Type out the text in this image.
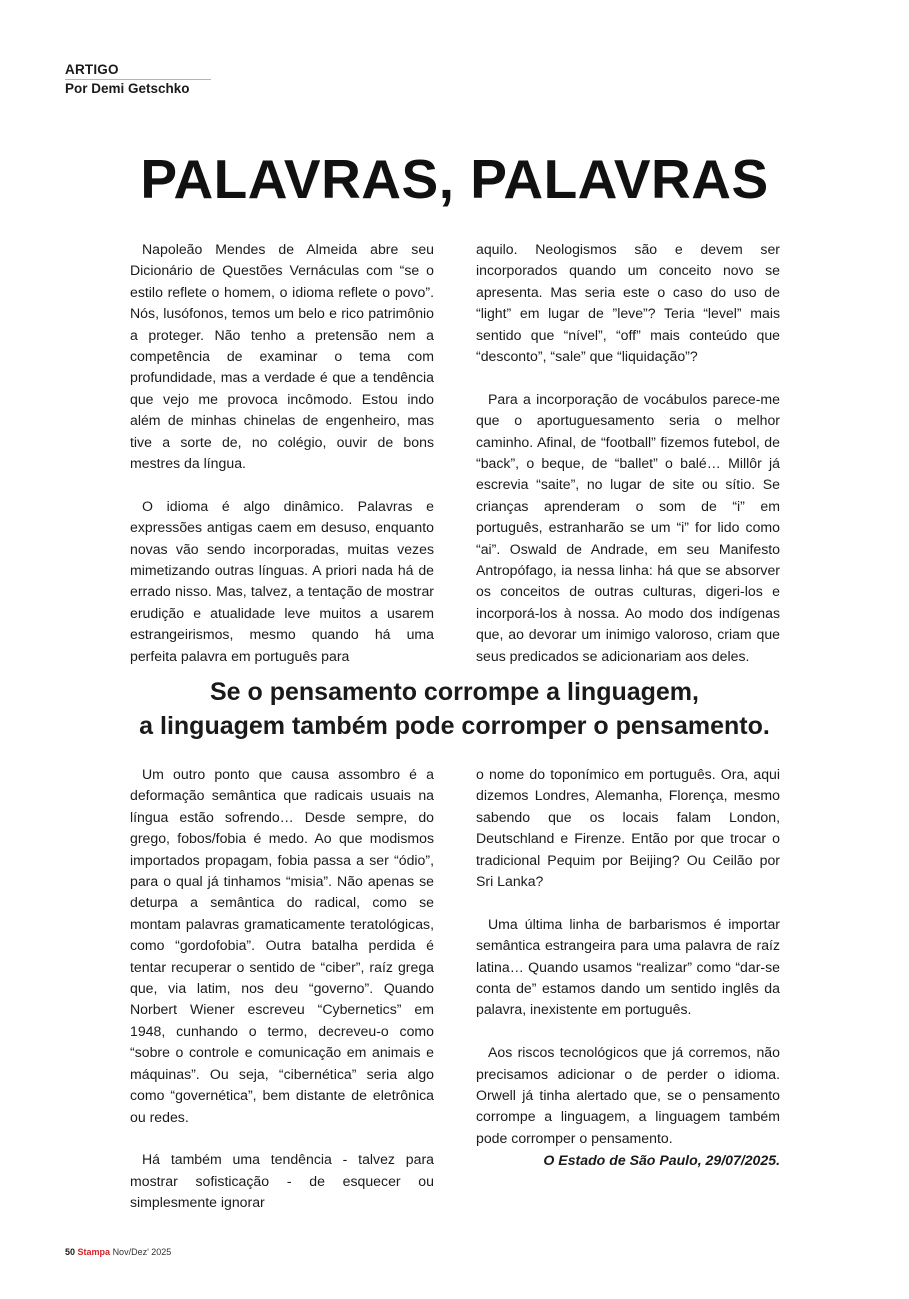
ARTIGO
Por Demi Getschko
PALAVRAS, PALAVRAS

Napoleão Mendes de Almeida abre seu Dicionário de Questões Vernáculas com “se o estilo reflete o homem, o idioma reflete o povo”. Nós, lusófonos, temos um belo e rico patrimônio a proteger. Não tenho a pretensão nem a competência de examinar o tema com profundidade, mas a verdade é que a tendência que vejo me provoca incômodo. Estou indo além de minhas chinelas de engenheiro, mas tive a sorte de, no colégio, ouvir de bons mestres da língua.

O idioma é algo dinâmico. Palavras e expressões antigas caem em desuso, enquanto novas vão sendo incorporadas, muitas vezes mimetizando outras línguas. A priori nada há de errado nisso. Mas, talvez, a tentação de mostrar erudição e atualidade leve muitos a usarem estrangeirismos, mesmo quando há uma perfeita palavra em português para

aquilo. Neologismos são e devem ser incorporados quando um conceito novo se apresenta. Mas seria este o caso do uso de “light” em lugar de ”leve”? Teria “level” mais sentido que “nível”, “off” mais conteúdo que “desconto”, “sale” que “liquidação”?

Para a incorporação de vocábulos parece-me que o aportuguesamento seria o melhor caminho. Afinal, de “football” fizemos futebol, de “back”, o beque, de “ballet” o balé… Millôr já escrevia “saite”, no lugar de site ou sítio. Se crianças aprenderam o som de “i” em português, estranharão se um “i” for lido como “ai”. Oswald de Andrade, em seu Manifesto Antropófago, ia nessa linha: há que se absorver os conceitos de outras culturas, digeri-los e incorporá-los à nossa. Ao modo dos indígenas que, ao devorar um inimigo valoroso, criam que seus predicados se adicionariam aos deles.

Se o pensamento corrompe a linguagem,
a linguagem também pode corromper o pensamento.

Um outro ponto que causa assombro é a deformação semântica que radicais usuais na língua estão sofrendo… Desde sempre, do grego, fobos/fobia é medo. Ao que modismos importados propagam, fobia passa a ser “ódio”, para o qual já tinhamos “misia”. Não apenas se deturpa a semântica do radical, como se montam palavras gramaticamente teratológicas, como “gordofobia”. Outra batalha perdida é tentar recuperar o sentido de “ciber”, raíz grega que, via latim, nos deu “governo”. Quando Norbert Wiener escreveu “Cybernetics” em 1948, cunhando o termo, decreveu-o como “sobre o controle e comunicação em animais e máquinas”. Ou seja, “cibernética” seria algo como “governética”, bem distante de eletrônica ou redes.

Há também uma tendência - talvez para mostrar sofisticação - de esquecer ou simplesmente ignorar

o nome do toponímico em português. Ora, aqui dizemos Londres, Alemanha, Florença, mesmo sabendo que os locais falam London, Deutschland e Firenze. Então por que trocar o tradicional Pequim por Beijing? Ou Ceilão por Sri Lanka?

Uma última linha de barbarismos é importar semântica estrangeira para uma palavra de raíz latina… Quando usamos “realizar” como “dar-se conta de” estamos dando um sentido inglês da palavra, inexistente em português.

Aos riscos tecnológicos que já corremos, não precisamos adicionar o de perder o idioma. Orwell já tinha alertado que, se o pensamento corrompe a linguagem, a linguagem também pode corromper o pensamento.

O Estado de São Paulo, 29/07/2025.
50 Stampa Nov/Dez' 2025
